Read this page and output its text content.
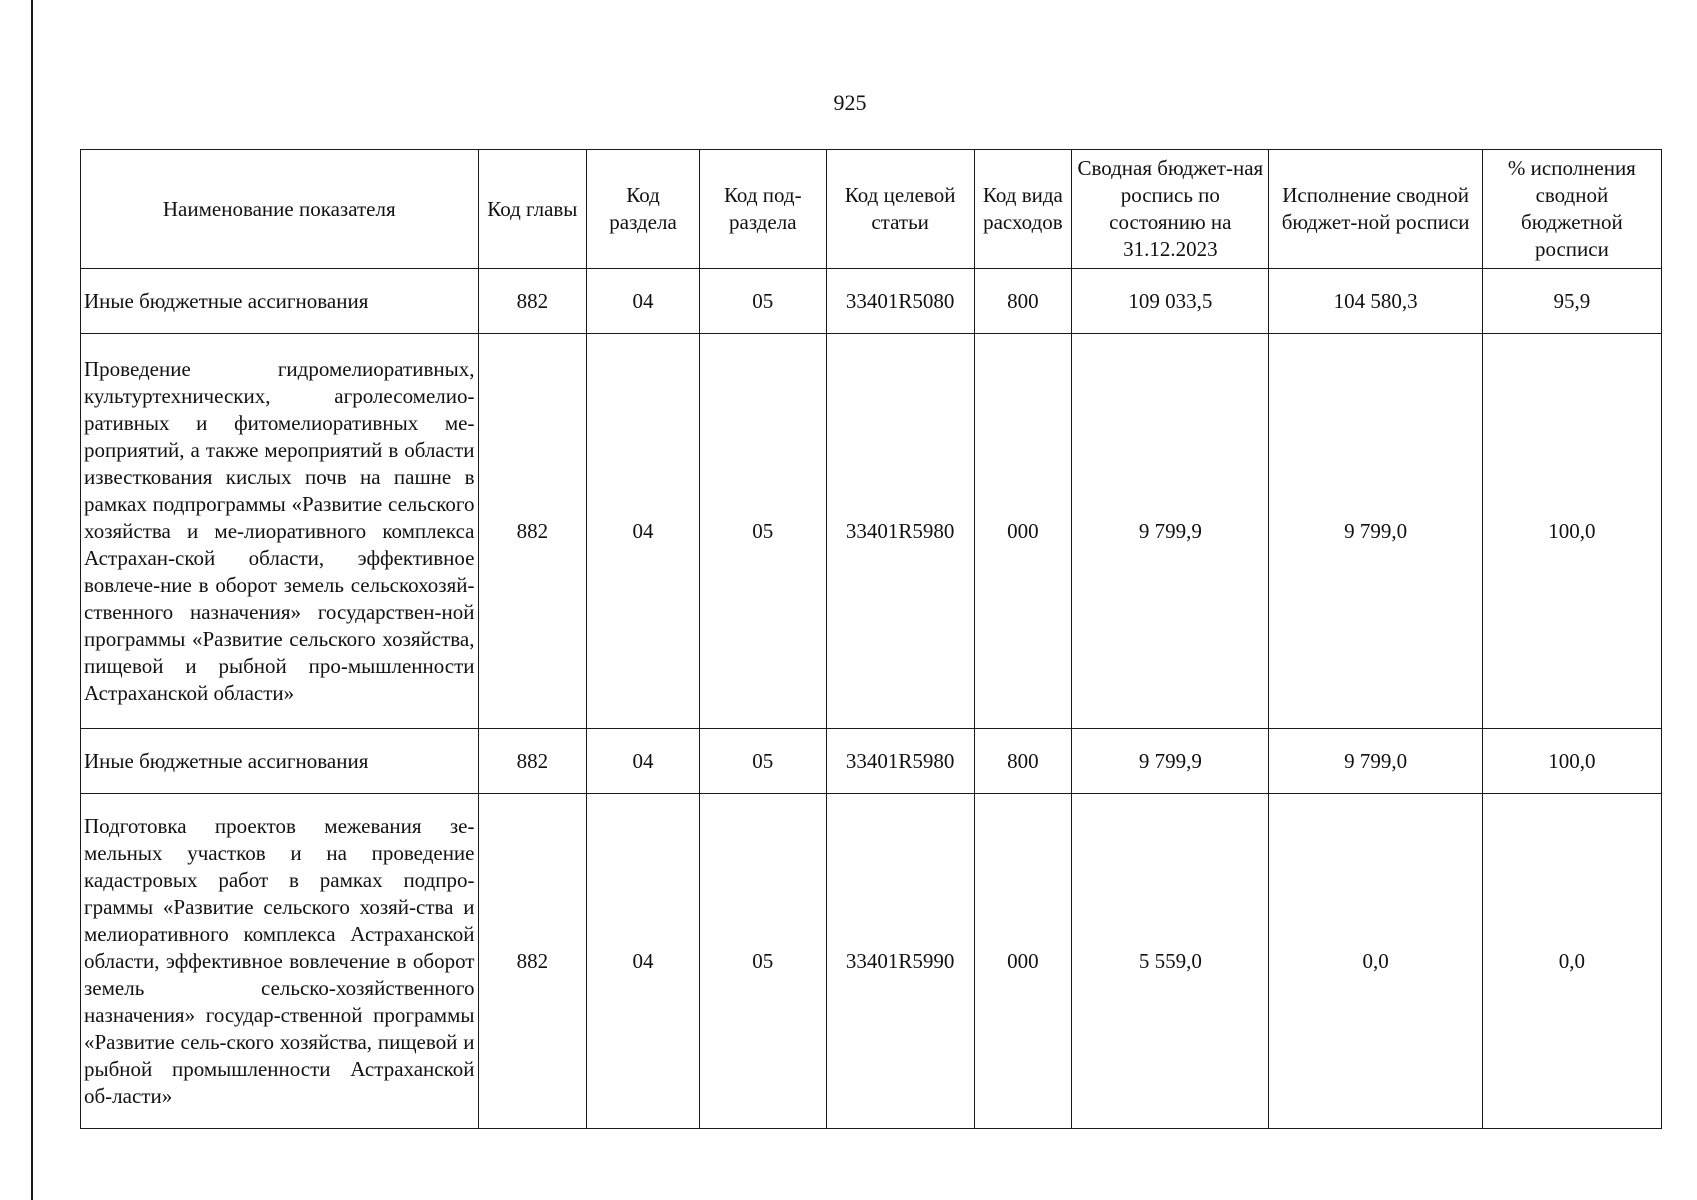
925
Наименование показателя	Код главы	Код раздела	Код под-раздела	Код целевой статьи	Код вида расходов	Сводная бюджет-ная роспись по состоянию на 31.12.2023	Исполнение сводной бюджет-ной росписи	% исполнения сводной бюджетной росписи
Иные бюджетные ассигнования	882	04	05	33401R5080	800	109 033,5	104 580,3	95,9
Проведение гидромелиоративных, культуртехнических, агролесомелио-ративных и фитомелиоративных ме-роприятий, а также мероприятий в области известкования кислых почв на пашне в рамках подпрограммы «Развитие сельского хозяйства и ме-лиоративного комплекса Астрахан-ской области, эффективное вовлече-ние в оборот земель сельскохозяй-ственного назначения» государствен-ной программы «Развитие сельского хозяйства, пищевой и рыбной про-мышленности Астраханской области»	882	04	05	33401R5980	000	9 799,9	9 799,0	100,0
Иные бюджетные ассигнования	882	04	05	33401R5980	800	9 799,9	9 799,0	100,0
Подготовка проектов межевания зе-мельных участков и на проведение кадастровых работ в рамках подпро-граммы «Развитие сельского хозяй-ства и мелиоративного комплекса Астраханской области, эффективное вовлечение в оборот земель сельско-хозяйственного назначения» государ-ственной программы «Развитие сель-ского хозяйства, пищевой и рыбной промышленности Астраханской об-ласти»	882	04	05	33401R5990	000	5 559,0	0,0	0,0
